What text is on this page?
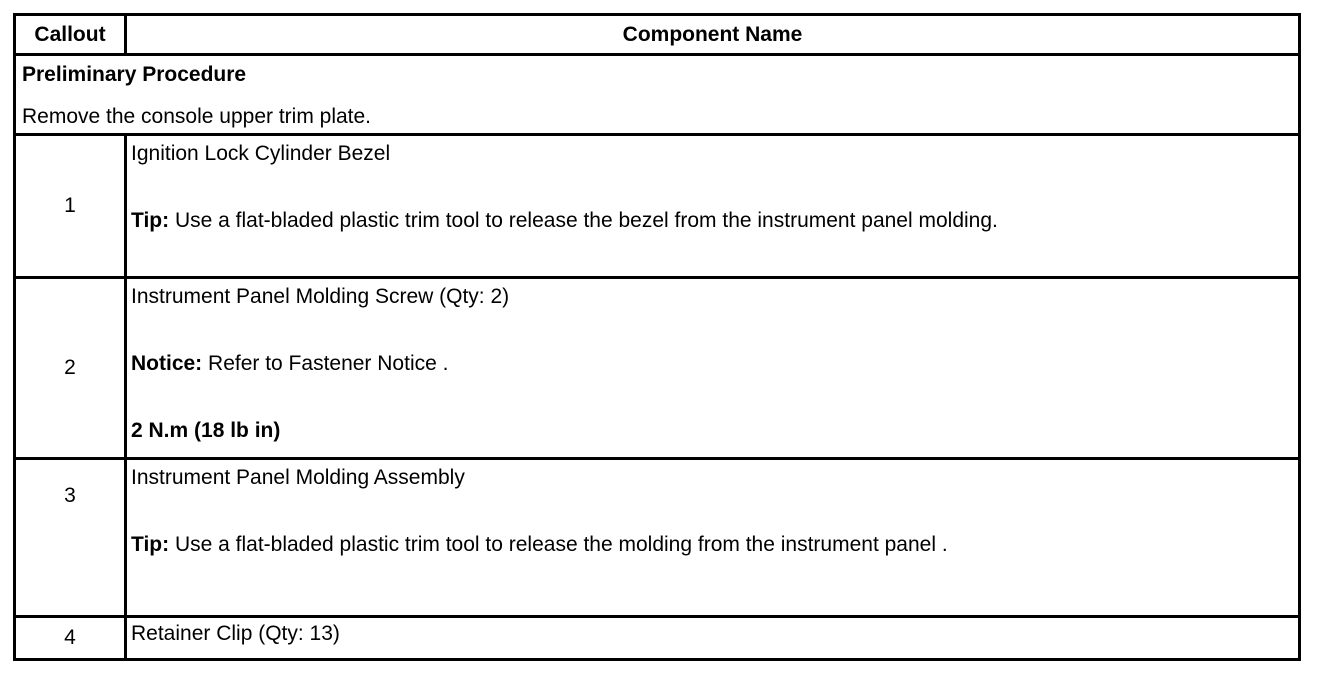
Callout	Component Name

Preliminary Procedure
Remove the console upper trim plate.	

1	Ignition Lock Cylinder Bezel
Tip: Use a flat-bladed plastic trim tool to release the bezel from the instrument panel molding.

2	Instrument Panel Molding Screw (Qty: 2)
Notice: Refer to Fastener Notice .
2 N.m (18 lb in)

3	Instrument Panel Molding Assembly
Tip: Use a flat-bladed plastic trim tool to release the molding from the instrument panel .

4	Retainer Clip (Qty: 13)
